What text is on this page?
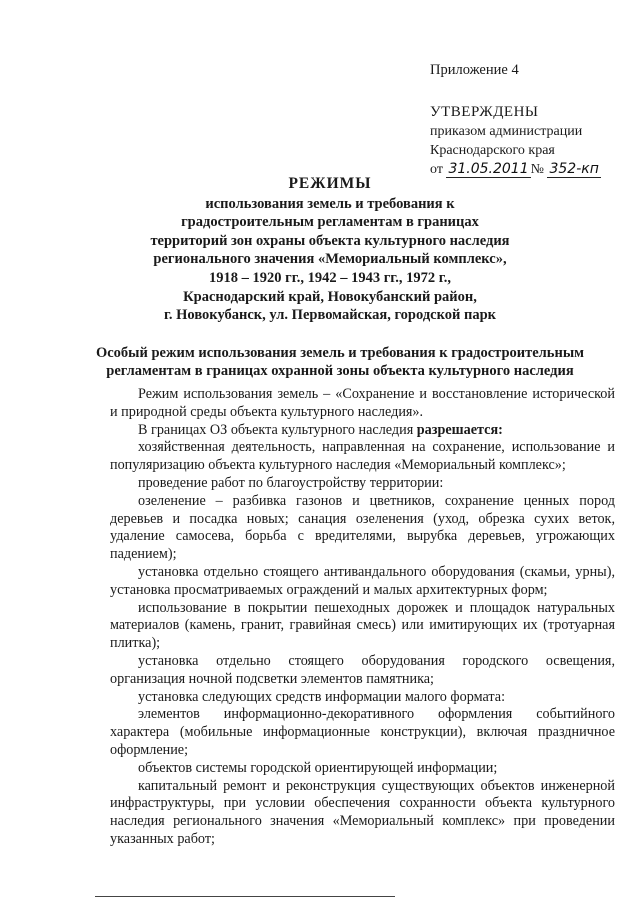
Приложение 4
УТВЕРЖДЕНЫ
приказом администрации
Краснодарского края
от 31.05.2011 № 352-кп
РЕЖИМЫ
использования земель и требования к
градостроительным регламентам в границах
территорий зон охраны объекта культурного наследия
регионального значения «Мемориальный комплекс»,
1918 – 1920 гг., 1942 – 1943 гг., 1972 г.,
Краснодарский край, Новокубанский район,
г. Новокубанск, ул. Первомайская, городской парк
Особый режим использования земель и требования к градостроительным
регламентам в границах охранной зоны объекта культурного наследия

Режим использования земель – «Сохранение и восстановление исторической и природной среды объекта культурного наследия».

В границах ОЗ объекта культурного наследия разрешается:

хозяйственная деятельность, направленная на сохранение, использование и популяризацию объекта культурного наследия «Мемориальный комплекс»;

проведение работ по благоустройству территории:

озеленение – разбивка газонов и цветников, сохранение ценных пород деревьев и посадка новых; санация озеленения (уход, обрезка сухих веток, удаление самосева, борьба с вредителями, вырубка деревьев, угрожающих падением);

установка отдельно стоящего антивандального оборудования (скамьи, урны), установка просматриваемых ограждений и малых архитектурных форм;

использование в покрытии пешеходных дорожек и площадок натуральных материалов (камень, гранит, гравийная смесь) или имитирующих их (тротуарная плитка);

установка отдельно стоящего оборудования городского освещения, организация ночной подсветки элементов памятника;

установка следующих средств информации малого формата:

элементов информационно-декоративного оформления событийного характера (мобильные информационные конструкции), включая праздничное оформление;

объектов системы городской ориентирующей информации;

капитальный ремонт и реконструкция существующих объектов инженерной инфраструктуры, при условии обеспечения сохранности объекта культурного наследия регионального значения «Мемориальный комплекс» при проведении указанных работ;
